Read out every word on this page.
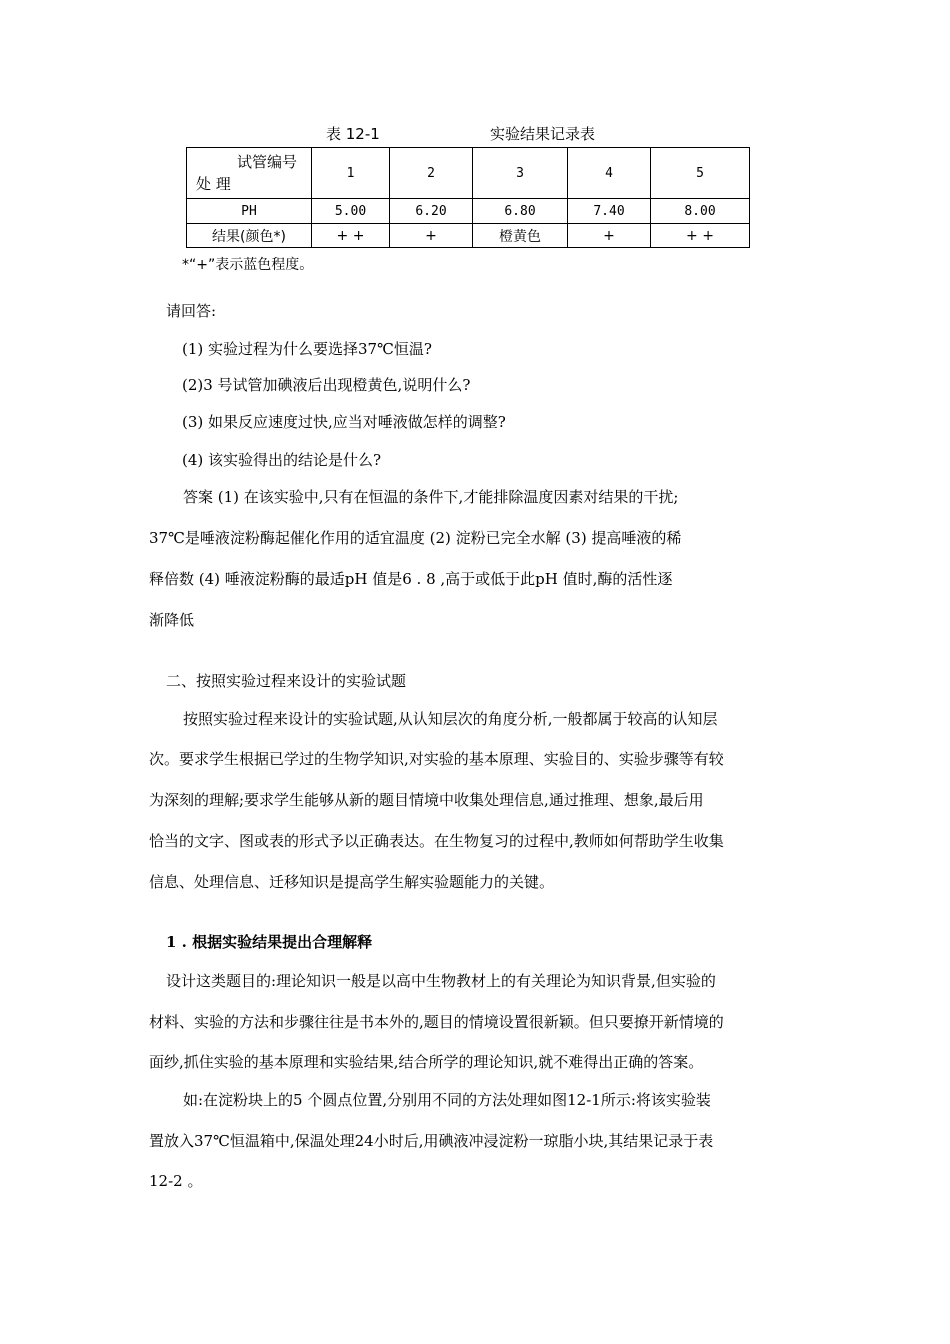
表 12-1	实验结果记录表
试管编号
处 理	1	2	3	4	5
PH	5.00	6.20	6.80	7.40	8.00
结果(颜色*)	+ +	+	橙黄色	+	+ +
*“+”表示蓝色程度。
请回答:
(1) 实验过程为什么要选择37℃恒温?
(2)3 号试管加碘液后出现橙黄色,说明什么?
(3) 如果反应速度过快,应当对唾液做怎样的调整?
(4) 该实验得出的结论是什么?
答案 (1) 在该实验中,只有在恒温的条件下,才能排除温度因素对结果的干扰;
37℃是唾液淀粉酶起催化作用的适宜温度 (2) 淀粉已完全水解 (3) 提高唾液的稀
释倍数 (4) 唾液淀粉酶的最适pH 值是6 . 8 ,高于或低于此pH 值时,酶的活性逐
渐降低
二、按照实验过程来设计的实验试题
按照实验过程来设计的实验试题,从认知层次的角度分析,一般都属于较高的认知层
次。要求学生根据已学过的生物学知识,对实验的基本原理、实验目的、实验步骤等有较
为深刻的理解;要求学生能够从新的题目情境中收集处理信息,通过推理、想象,最后用
恰当的文字、图或表的形式予以正确表达。在生物复习的过程中,教师如何帮助学生收集
信息、处理信息、迁移知识是提高学生解实验题能力的关键。
1 . 根据实验结果提出合理解释
设计这类题目的:理论知识一般是以高中生物教材上的有关理论为知识背景,但实验的
材料、实验的方法和步骤往往是书本外的,题目的情境设置很新颖。但只要撩开新情境的
面纱,抓住实验的基本原理和实验结果,结合所学的理论知识,就不难得出正确的答案。
如:在淀粉块上的5 个圆点位置,分别用不同的方法处理如图12-1所示:将该实验装
置放入37℃恒温箱中,保温处理24小时后,用碘液冲浸淀粉一琼脂小块,其结果记录于表
12-2 。
